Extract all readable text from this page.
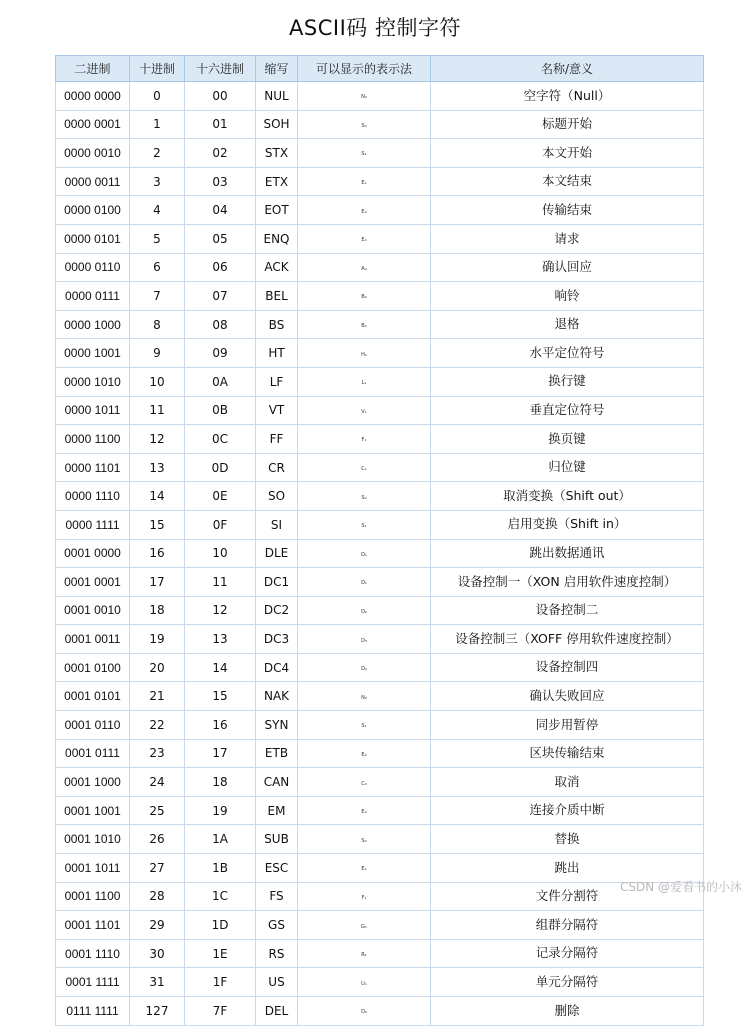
ASCII码 控制字符
二进制	十进制	十六进制	缩写	可以显示的表示法	名称/意义
0000 0000	0	00	NUL	N₀	空字符（Null）
0000 0001	1	01	SOH	S₀	标题开始
0000 0010	2	02	STX	S₁	本文开始
0000 0011	3	03	ETX	E₁	本文结束
0000 0100	4	04	EOT	E₀	传输结束
0000 0101	5	05	ENQ	E₀	请求
0000 0110	6	06	ACK	A₀	确认回应
0000 0111	7	07	BEL	B₀	响铃
0000 1000	8	08	BS	B₀	退格
0000 1001	9	09	HT	H₁	水平定位符号
0000 1010	10	0A	LF	L₁	换行键
0000 1011	11	0B	VT	V₁	垂直定位符号
0000 1100	12	0C	FF	F₁	换页键
0000 1101	13	0D	CR	C₁	归位键
0000 1110	14	0E	SO	S₀	取消变换（Shift out）
0000 1111	15	0F	SI	S₁	启用变换（Shift in）
0001 0000	16	10	DLE	D₁	跳出数据通讯
0001 0001	17	11	DC1	D₁	设备控制一（XON 启用软件速度控制）
0001 0010	18	12	DC2	D₂	设备控制二
0001 0011	19	13	DC3	D₃	设备控制三（XOFF 停用软件速度控制）
0001 0100	20	14	DC4	D₄	设备控制四
0001 0101	21	15	NAK	N₀	确认失败回应
0001 0110	22	16	SYN	S₁	同步用暂停
0001 0111	23	17	ETB	E₀	区块传输结束
0001 1000	24	18	CAN	C₀	取消
0001 1001	25	19	EM	E₀	连接介质中断
0001 1010	26	1A	SUB	S₀	替换
0001 1011	27	1B	ESC	E₁	跳出
0001 1100	28	1C	FS	F₁	文件分割符
0001 1101	29	1D	GS	G₁	组群分隔符
0001 1110	30	1E	RS	R₁	记录分隔符
0001 1111	31	1F	US	U₁	单元分隔符
0111 1111	127	7F	DEL	D₀	删除
CSDN @爱看书的小沐
